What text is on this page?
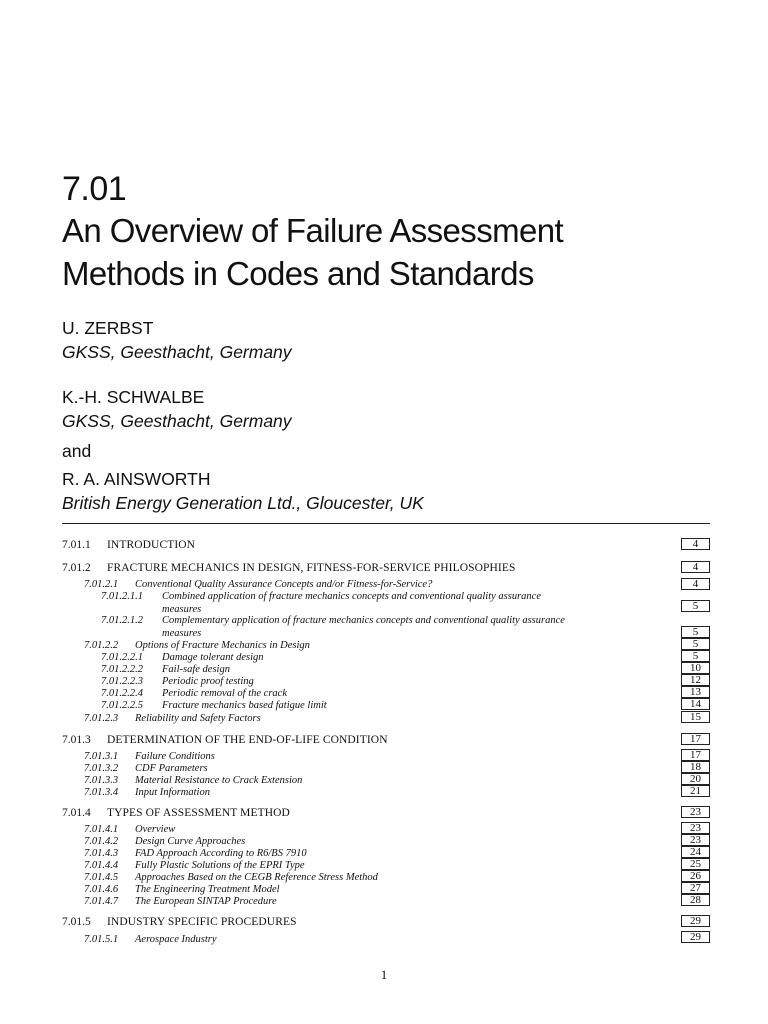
7.01
An Overview of Failure Assessment
Methods in Codes and Standards
U. ZERBST
GKSS, Geesthacht, Germany
K.-H. SCHWALBE
GKSS, Geesthacht, Germany
and
R. A. AINSWORTH
British Energy Generation Ltd., Gloucester, UK
7.01.1 INTRODUCTION	4
7.01.2 FRACTURE MECHANICS IN DESIGN, FITNESS-FOR-SERVICE PHILOSOPHIES	4
7.01.2.1 Conventional Quality Assurance Concepts and/or Fitness-for-Service?	4
7.01.2.1.1 Combined application of fracture mechanics concepts and conventional quality assurance
measures	5
7.01.2.1.2 Complementary application of fracture mechanics concepts and conventional quality assurance
measures	5
7.01.2.2 Options of Fracture Mechanics in Design	5
7.01.2.2.1 Damage tolerant design	5
7.01.2.2.2 Fail-safe design	10
7.01.2.2.3 Periodic proof testing	12
7.01.2.2.4 Periodic removal of the crack	13
7.01.2.2.5 Fracture mechanics based fatigue limit	14
7.01.2.3 Reliability and Safety Factors	15
7.01.3 DETERMINATION OF THE END-OF-LIFE CONDITION	17
7.01.3.1 Failure Conditions	17
7.01.3.2 CDF Parameters	18
7.01.3.3 Material Resistance to Crack Extension	20
7.01.3.4 Input Information	21
7.01.4 TYPES OF ASSESSMENT METHOD	23
7.01.4.1 Overview	23
7.01.4.2 Design Curve Approaches	23
7.01.4.3 FAD Approach According to R6/BS 7910	24
7.01.4.4 Fully Plastic Solutions of the EPRI Type	25
7.01.4.5 Approaches Based on the CEGB Reference Stress Method	26
7.01.4.6 The Engineering Treatment Model	27
7.01.4.7 The European SINTAP Procedure	28
7.01.5 INDUSTRY SPECIFIC PROCEDURES	29
7.01.5.1 Aerospace Industry	29
1
